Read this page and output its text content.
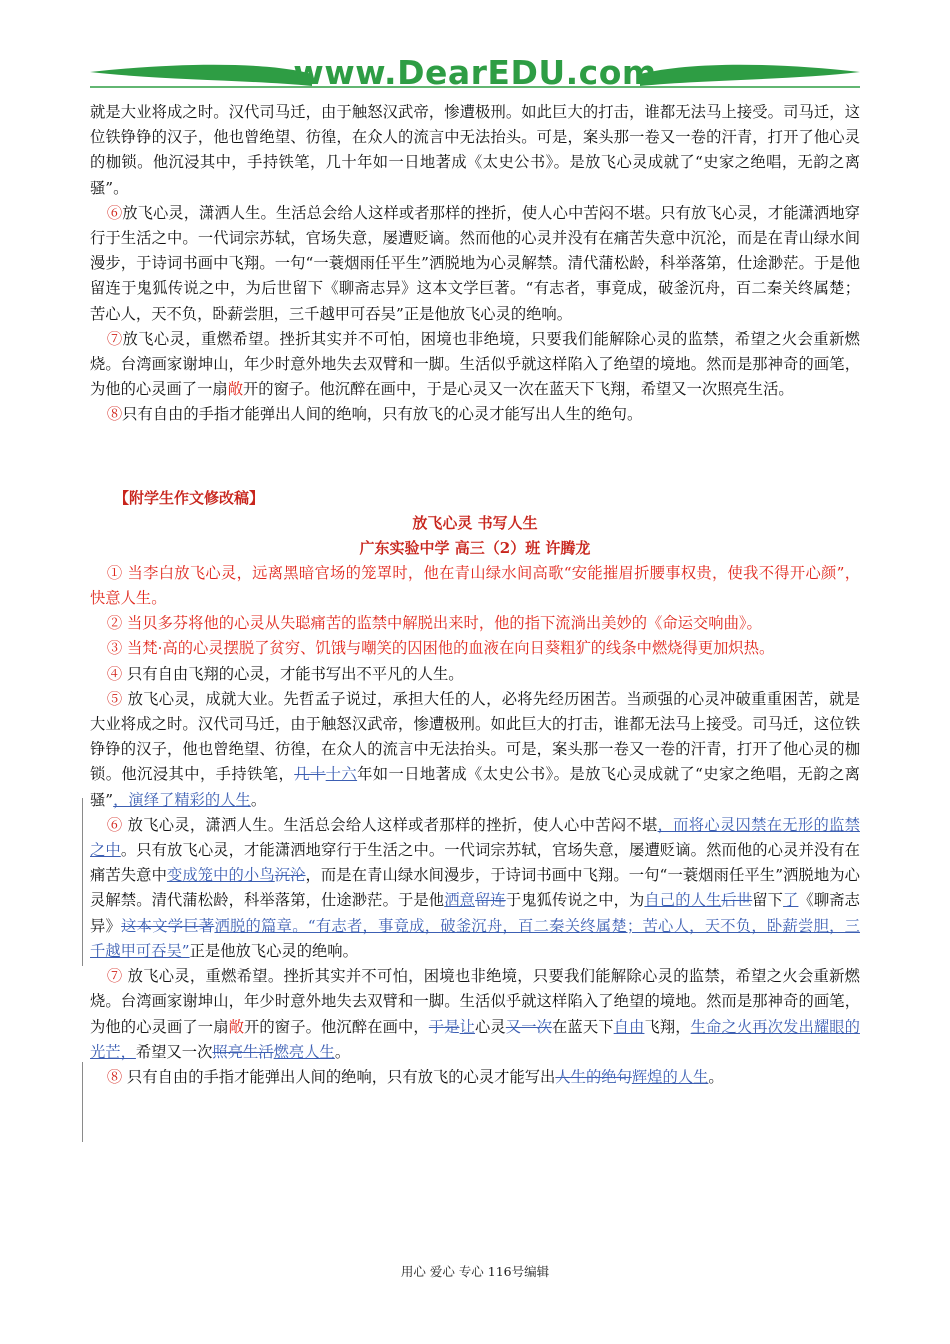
www.DearEDU.com

就是大业将成之时。汉代司马迁，由于触怒汉武帝，惨遭极刑。如此巨大的打击，谁都无法马上接受。司马迁，这位铁铮铮的汉子，他也曾绝望、彷徨，在众人的流言中无法抬头。可是，案头那一卷又一卷的汗青，打开了他心灵的枷锁。他沉浸其中，手持铁笔，几十年如一日地著成《太史公书》。是放飞心灵成就了“史家之绝唱，无韵之离骚”。

⑥放飞心灵，潇洒人生。生活总会给人这样或者那样的挫折，使人心中苦闷不堪。只有放飞心灵，才能潇洒地穿行于生活之中。一代词宗苏轼，官场失意，屡遭贬谪。然而他的心灵并没有在痛苦失意中沉沦，而是在青山绿水间漫步，于诗词书画中飞翔。一句“一蓑烟雨任平生”洒脱地为心灵解禁。清代蒲松龄，科举落第，仕途渺茫。于是他留连于鬼狐传说之中，为后世留下《聊斋志异》这本文学巨著。“有志者，事竟成，破釜沉舟，百二秦关终属楚；苦心人，天不负，卧薪尝胆，三千越甲可吞吴”正是他放飞心灵的绝响。

⑦放飞心灵，重燃希望。挫折其实并不可怕，困境也非绝境，只要我们能解除心灵的监禁，希望之火会重新燃烧。台湾画家谢坤山，年少时意外地失去双臂和一脚。生活似乎就这样陷入了绝望的境地。然而是那神奇的画笔，为他的心灵画了一扇敞开的窗子。他沉醉在画中，于是心灵又一次在蓝天下飞翔，希望又一次照亮生活。

⑧只有自由的手指才能弹出人间的绝响，只有放飞的心灵才能写出人生的绝句。

【附学生作文修改稿】

放飞心灵 书写人生

广东实验中学 高三（2）班 许腾龙

① 当李白放飞心灵，远离黑暗官场的笼罩时，他在青山绿水间高歌“安能摧眉折腰事权贵，使我不得开心颜”，快意人生。

② 当贝多芬将他的心灵从失聪痛苦的监禁中解脱出来时，他的指下流淌出美妙的《命运交响曲》。

③ 当梵·高的心灵摆脱了贫穷、饥饿与嘲笑的囚困他的血液在向日葵粗犷的线条中燃烧得更加炽热。

④ 只有自由飞翔的心灵，才能书写出不平凡的人生。

⑤ 放飞心灵，成就大业。先哲孟子说过，承担大任的人，必将先经历困苦。当顽强的心灵冲破重重困苦，就是大业将成之时。汉代司马迁，由于触怒汉武帝，惨遭极刑。如此巨大的打击，谁都无法马上接受。司马迁，这位铁铮铮的汉子，他也曾绝望、彷徨，在众人的流言中无法抬头。可是，案头那一卷又一卷的汗青，打开了他心灵的枷锁。他沉浸其中，手持铁笔，几十十六年如一日地著成《太史公书》。是放飞心灵成就了“史家之绝唱，无韵之离骚”，演绎了精彩的人生。

⑥ 放飞心灵，潇洒人生。生活总会给人这样或者那样的挫折，使人心中苦闷不堪，而将心灵囚禁在无形的监禁之中。只有放飞心灵，才能潇洒地穿行于生活之中。一代词宗苏轼，官场失意，屡遭贬谪。然而他的心灵并没有在痛苦失意中变成笼中的小鸟沉沦，而是在青山绿水间漫步，于诗词书画中飞翔。一句“一蓑烟雨任平生”洒脱地为心灵解禁。清代蒲松龄，科举落第，仕途渺茫。于是他洒意留连于鬼狐传说之中，为自己的人生后世留下了《聊斋志异》这本文学巨著洒脱的篇章。“有志者，事竟成，破釜沉舟，百二秦关终属楚；苦心人，天不负，卧薪尝胆，三千越甲可吞吴”正是他放飞心灵的绝响。

⑦ 放飞心灵，重燃希望。挫折其实并不可怕，困境也非绝境，只要我们能解除心灵的监禁，希望之火会重新燃烧。台湾画家谢坤山，年少时意外地失去双臂和一脚。生活似乎就这样陷入了绝望的境地。然而是那神奇的画笔，为他的心灵画了一扇敞开的窗子。他沉醉在画中，于是让心灵又一次在蓝天下自由飞翔，生命之火再次发出耀眼的光芒，希望又一次照亮生活燃亮人生。

⑧ 只有自由的手指才能弹出人间的绝响，只有放飞的心灵才能写出人生的绝句辉煌的人生。

用心 爱心 专心 116号编辑
